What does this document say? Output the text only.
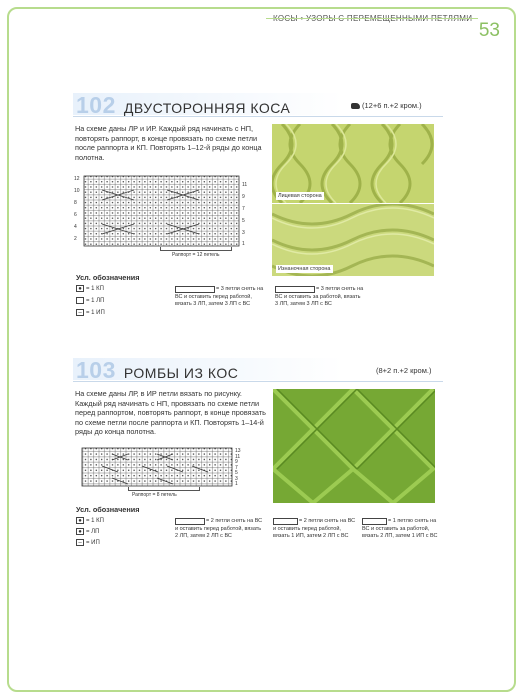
53
102 ДВУСТОРОННЯЯ КОСА	(12+6 п.+2 кром.)
На схеме даны ЛР и ИР. Каждый ряд начинать с НП, повторять раппорт, в конце провязать по схеме петли после раппорта и КП. Повторять 1–12-й ряды до конца полотна.
12
10
8
6
4
2
11
9
7
5
3
1
Раппорт = 12 петель
Лицевая сторона
Изнаночная сторона
Усл. обозначения
● = 1 КП
= 1 ЛП
– = 1 ИП
= 3 петли снять на ВС и оставить перед работой, вязать 3 ЛП, затем 3 ЛП с ВС
= 3 петли снять на ВС и оставить за работой, вязать 3 ЛП, затем 3 ЛП с ВС
103 РОМБЫ ИЗ КОС	(8+2 п.+2 кром.)
На схеме даны ЛР, в ИР петли вязать по рисунку. Каждый ряд начинать с НП, провязать по схеме петли перед раппортом, повторять раппорт, в конце провязать по схеме петли после раппорта и КП. Повторять 1–14-й ряды до конца полотна.
13
11
9
7
5
3
1
Раппорт = 8 петель
Усл. обозначения
● = 1 КП
● = ЛП
– = ИП
= 2 петли снять на ВС и оставить перед работой, вязать 2 ЛП, затем 2 ЛП с ВС
= 2 петли снять на ВС и оставить перед работой, вязать 1 ИП, затем 2 ЛП с ВС
= 1 петлю снять на ВС и оставить за работой, вязать 2 ЛП, затем 1 ИП с ВС
